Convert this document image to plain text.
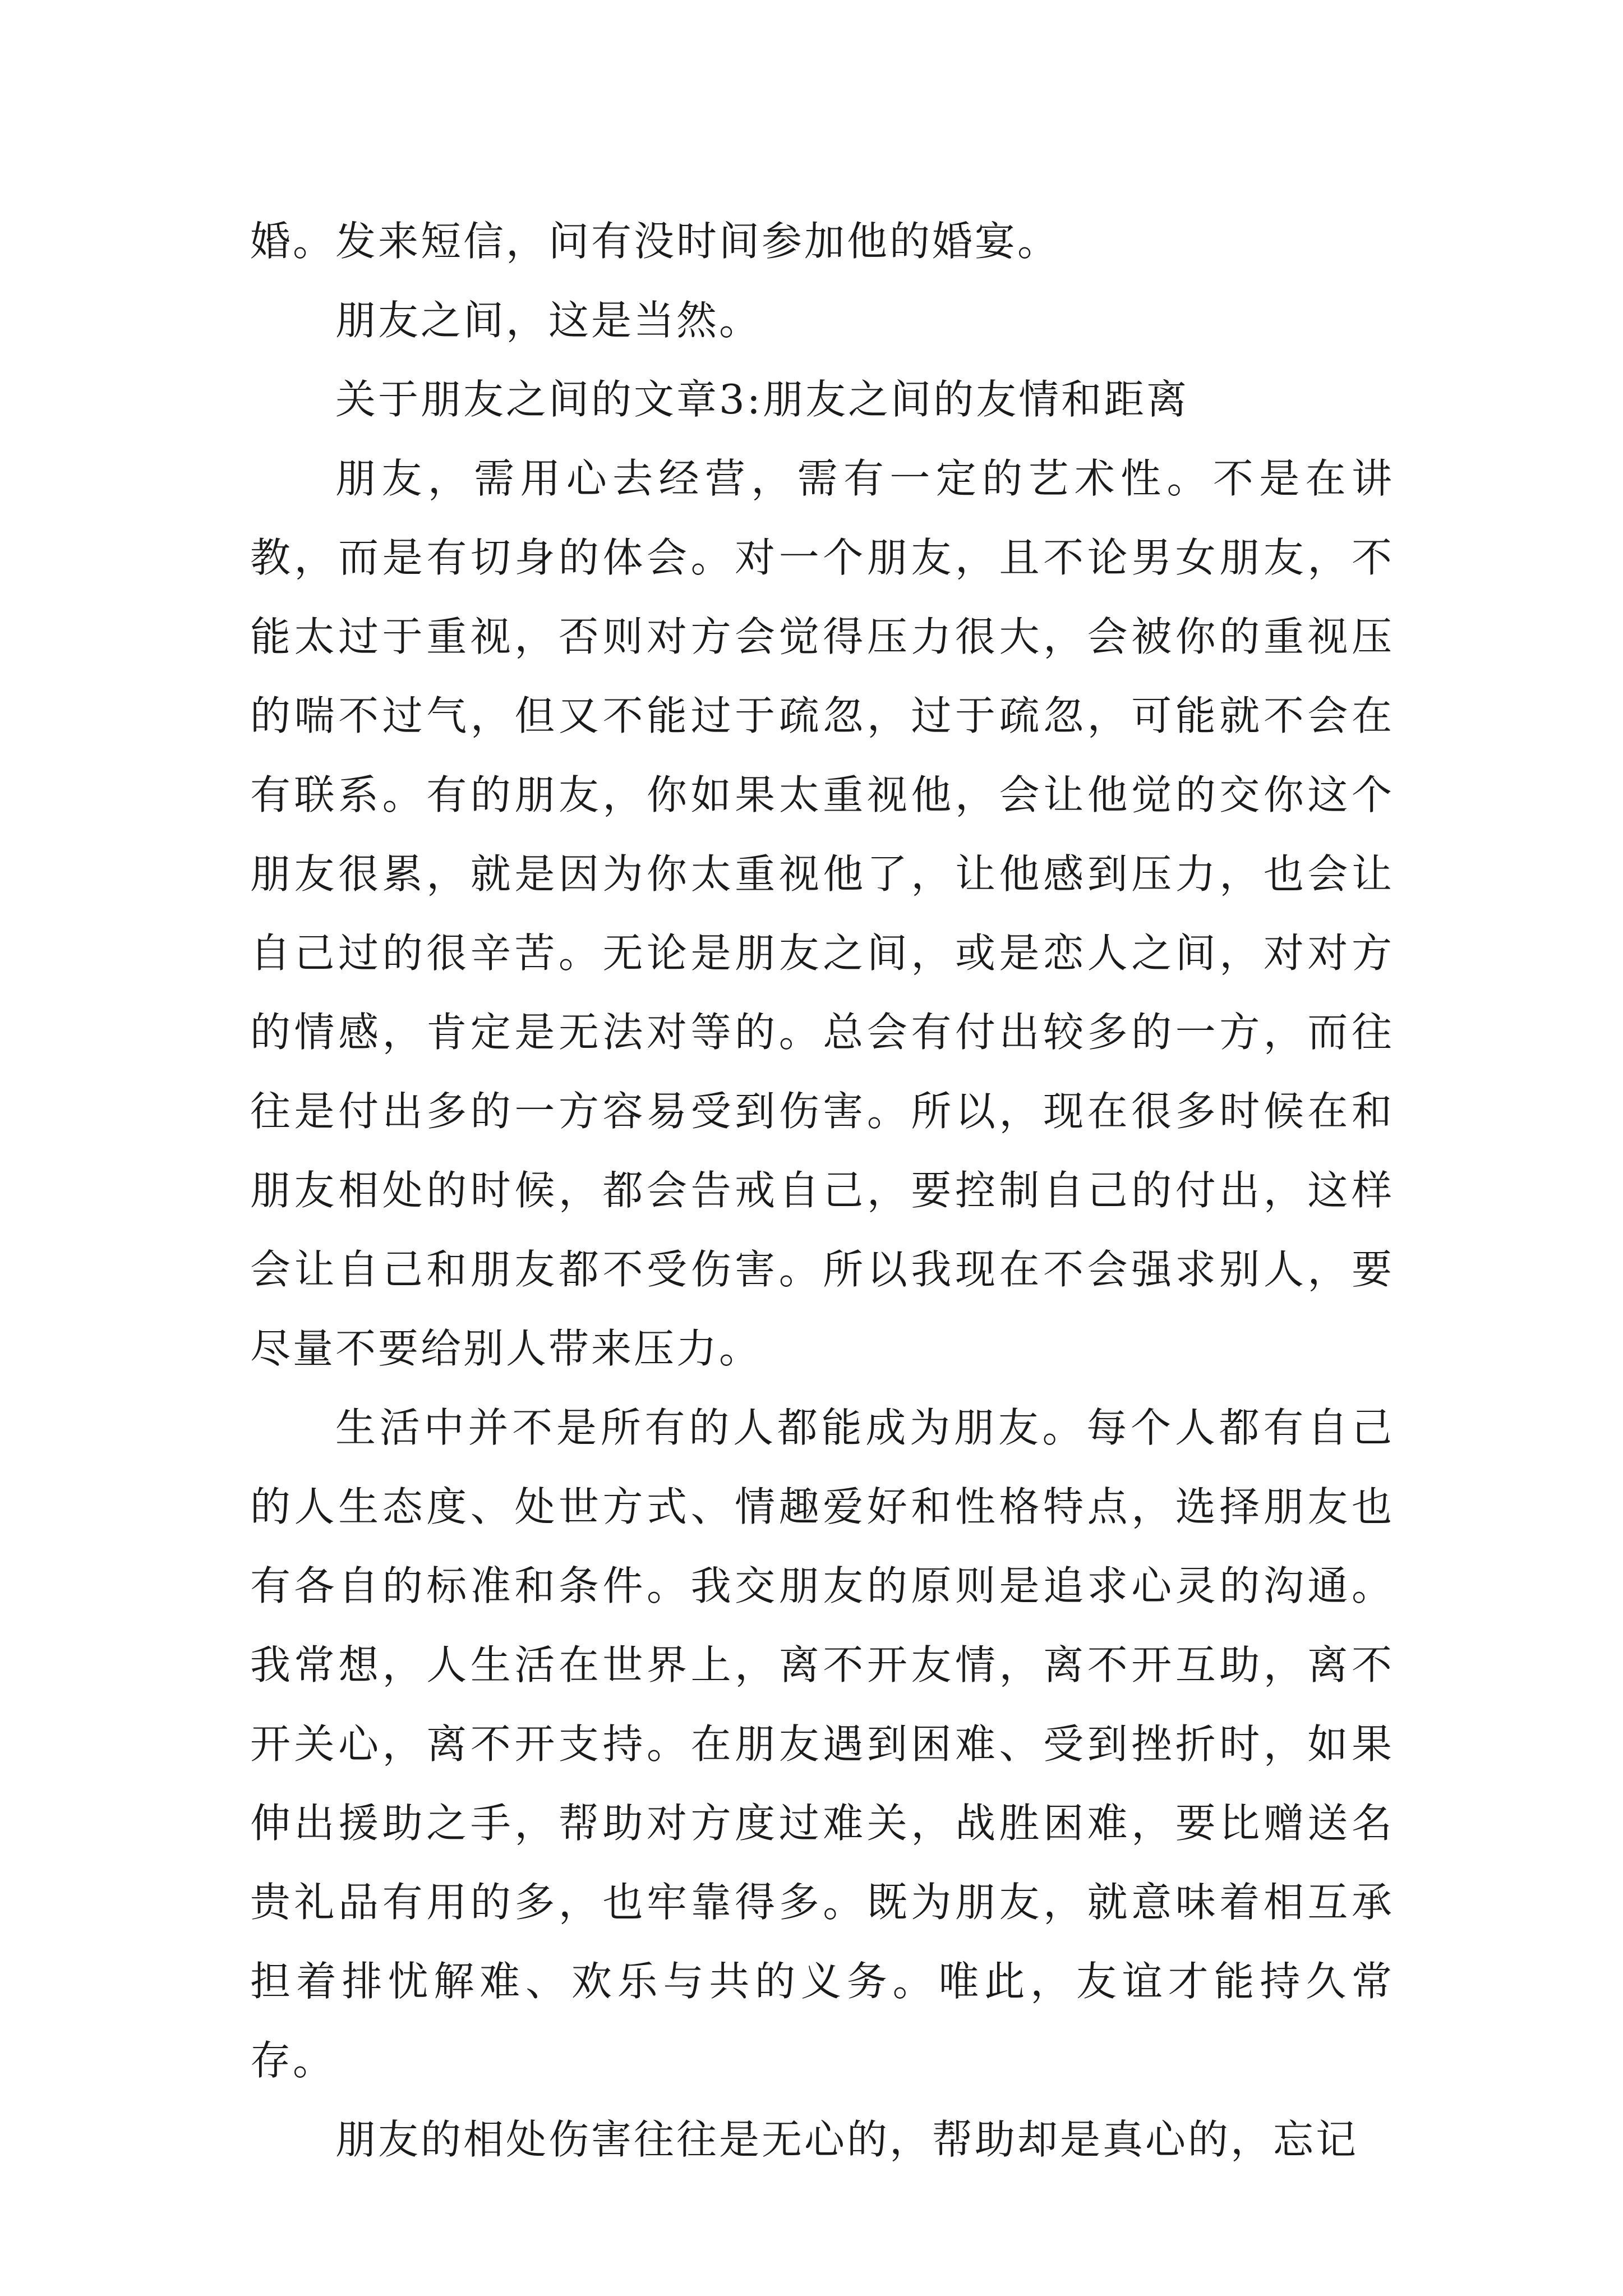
婚。发来短信，问有没时间参加他的婚宴。

朋友之间，这是当然。

关于朋友之间的文章3:朋友之间的友情和距离

朋友，需用心去经营，需有一定的艺术性。不是在讲教，而是有切身的体会。对一个朋友，且不论男女朋友，不能太过于重视，否则对方会觉得压力很大，会被你的重视压的喘不过气，但又不能过于疏忽，过于疏忽，可能就不会在有联系。有的朋友，你如果太重视他，会让他觉的交你这个朋友很累，就是因为你太重视他了，让他感到压力，也会让自己过的很辛苦。无论是朋友之间，或是恋人之间，对对方的情感，肯定是无法对等的。总会有付出较多的一方，而往往是付出多的一方容易受到伤害。所以，现在很多时候在和朋友相处的时候，都会告戒自己，要控制自己的付出，这样会让自己和朋友都不受伤害。所以我现在不会强求别人，要尽量不要给别人带来压力。

生活中并不是所有的人都能成为朋友。每个人都有自己的人生态度、处世方式、情趣爱好和性格特点，选择朋友也有各自的标准和条件。我交朋友的原则是追求心灵的沟通。我常想，人生活在世界上，离不开友情，离不开互助，离不开关心，离不开支持。在朋友遇到困难、受到挫折时，如果伸出援助之手，帮助对方度过难关，战胜困难，要比赠送名贵礼品有用的多，也牢靠得多。既为朋友，就意味着相互承担着排忧解难、欢乐与共的义务。唯此，友谊才能持久常存。

朋友的相处伤害往往是无心的，帮助却是真心的，忘记
